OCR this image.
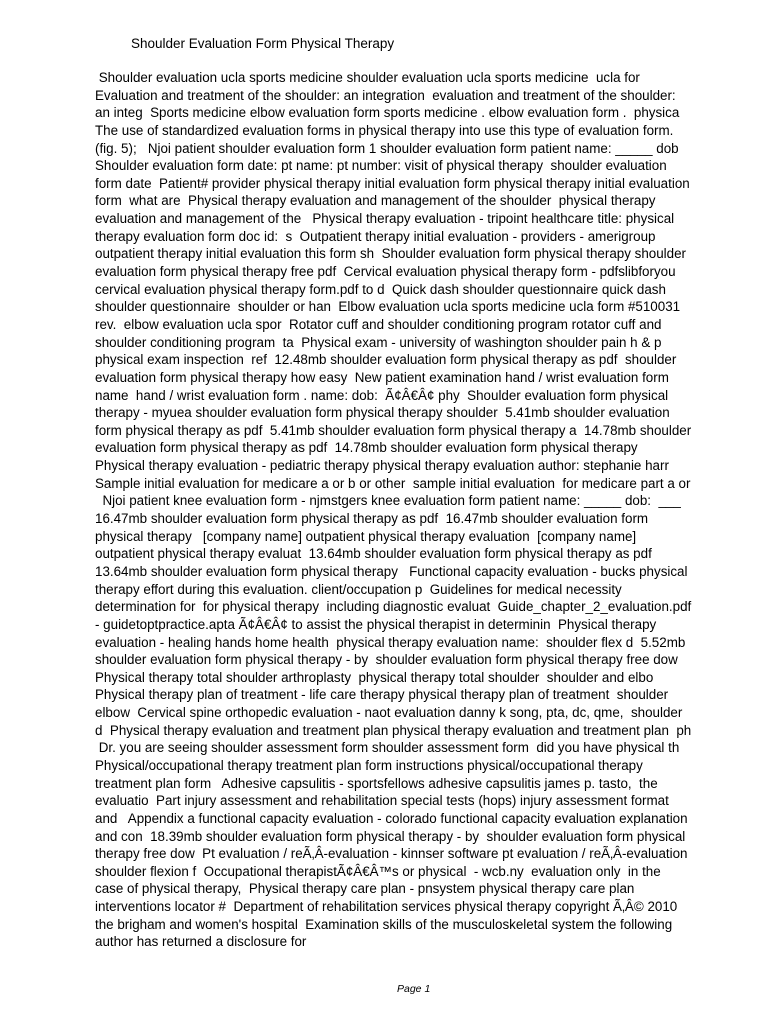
Shoulder Evaluation Form Physical Therapy
Shoulder evaluation ucla sports medicine shoulder evaluation ucla sports medicine  ucla for
Evaluation and treatment of the shoulder: an integration  evaluation and treatment of the shoulder:
an integ  Sports medicine elbow evaluation form sports medicine . elbow evaluation form .  physica
The use of standardized evaluation forms in physical therapy into use this type of evaluation form.
(fig. 5);   Njoi patient shoulder evaluation form 1 shoulder evaluation form patient name: _____ dob
Shoulder evaluation form date: pt name: pt number: visit of physical therapy  shoulder evaluation
form date  Patient# provider physical therapy initial evaluation form physical therapy initial evaluation
form  what are  Physical therapy evaluation and management of the shoulder  physical therapy
evaluation and management of the   Physical therapy evaluation - tripoint healthcare title: physical
therapy evaluation form doc id:  s  Outpatient therapy initial evaluation - providers - amerigroup
outpatient therapy initial evaluation this form sh  Shoulder evaluation form physical therapy shoulder
evaluation form physical therapy free pdf  Cervical evaluation physical therapy form - pdfslibforyou
cervical evaluation physical therapy form.pdf to d  Quick dash shoulder questionnaire quick dash
shoulder questionnaire  shoulder or han  Elbow evaluation ucla sports medicine ucla form #510031
rev.  elbow evaluation ucla spor  Rotator cuff and shoulder conditioning program rotator cuff and
shoulder conditioning program  ta  Physical exam - university of washington shoulder pain h & p
physical exam inspection  ref  12.48mb shoulder evaluation form physical therapy as pdf  shoulder
evaluation form physical therapy how easy  New patient examination hand / wrist evaluation form
name  hand / wrist evaluation form . name: dob:  Ã¢Â€Â¢ phy  Shoulder evaluation form physical
therapy - myuea shoulder evaluation form physical therapy shoulder  5.41mb shoulder evaluation
form physical therapy as pdf  5.41mb shoulder evaluation form physical therapy a  14.78mb shoulder
evaluation form physical therapy as pdf  14.78mb shoulder evaluation form physical therapy
Physical therapy evaluation - pediatric therapy physical therapy evaluation author: stephanie harr
Sample initial evaluation for medicare a or b or other  sample initial evaluation  for medicare part a or
Njoi patient knee evaluation form - njmstgers knee evaluation form patient name: _____ dob:  ___
16.47mb shoulder evaluation form physical therapy as pdf  16.47mb shoulder evaluation form
physical therapy   [company name] outpatient physical therapy evaluation  [company name]
outpatient physical therapy evaluat  13.64mb shoulder evaluation form physical therapy as pdf
13.64mb shoulder evaluation form physical therapy   Functional capacity evaluation - bucks physical
therapy effort during this evaluation. client/occupation p  Guidelines for medical necessity
determination for  for physical therapy  including diagnostic evaluat  Guide_chapter_2_evaluation.pdf
- guidetoptpractice.apta Ã¢Â€Â¢ to assist the physical therapist in determinin  Physical therapy
evaluation - healing hands home health  physical therapy evaluation name:  shoulder flex d  5.52mb
shoulder evaluation form physical therapy - by  shoulder evaluation form physical therapy free dow
Physical therapy total shoulder arthroplasty  physical therapy total shoulder  shoulder and elbo
Physical therapy plan of treatment - life care therapy physical therapy plan of treatment  shoulder
elbow  Cervical spine orthopedic evaluation - naot evaluation danny k song, pta, dc, qme,  shoulder
d  Physical therapy evaluation and treatment plan physical therapy evaluation and treatment plan  ph
Dr. you are seeing shoulder assessment form shoulder assessment form  did you have physical th
Physical/occupational therapy treatment plan form instructions physical/occupational therapy
treatment plan form   Adhesive capsulitis - sportsfellows adhesive capsulitis james p. tasto,  the
evaluatio  Part injury assessment and rehabilitation special tests (hops) injury assessment format
and   Appendix a functional capacity evaluation - colorado functional capacity evaluation explanation
and con  18.39mb shoulder evaluation form physical therapy - by  shoulder evaluation form physical
therapy free dow  Pt evaluation / reÃ‚Â-evaluation - kinnser software pt evaluation / reÃ‚Â-evaluation
shoulder flexion f  Occupational therapistÃ¢Â€Â™s or physical  - wcb.ny  evaluation only  in the
case of physical therapy,  Physical therapy care plan - pnsystem physical therapy care plan
interventions locator #  Department of rehabilitation services physical therapy copyright Ã‚Â© 2010
the brigham and women's hospital  Examination skills of the musculoskeletal system the following
author has returned a disclosure for
Page 1
